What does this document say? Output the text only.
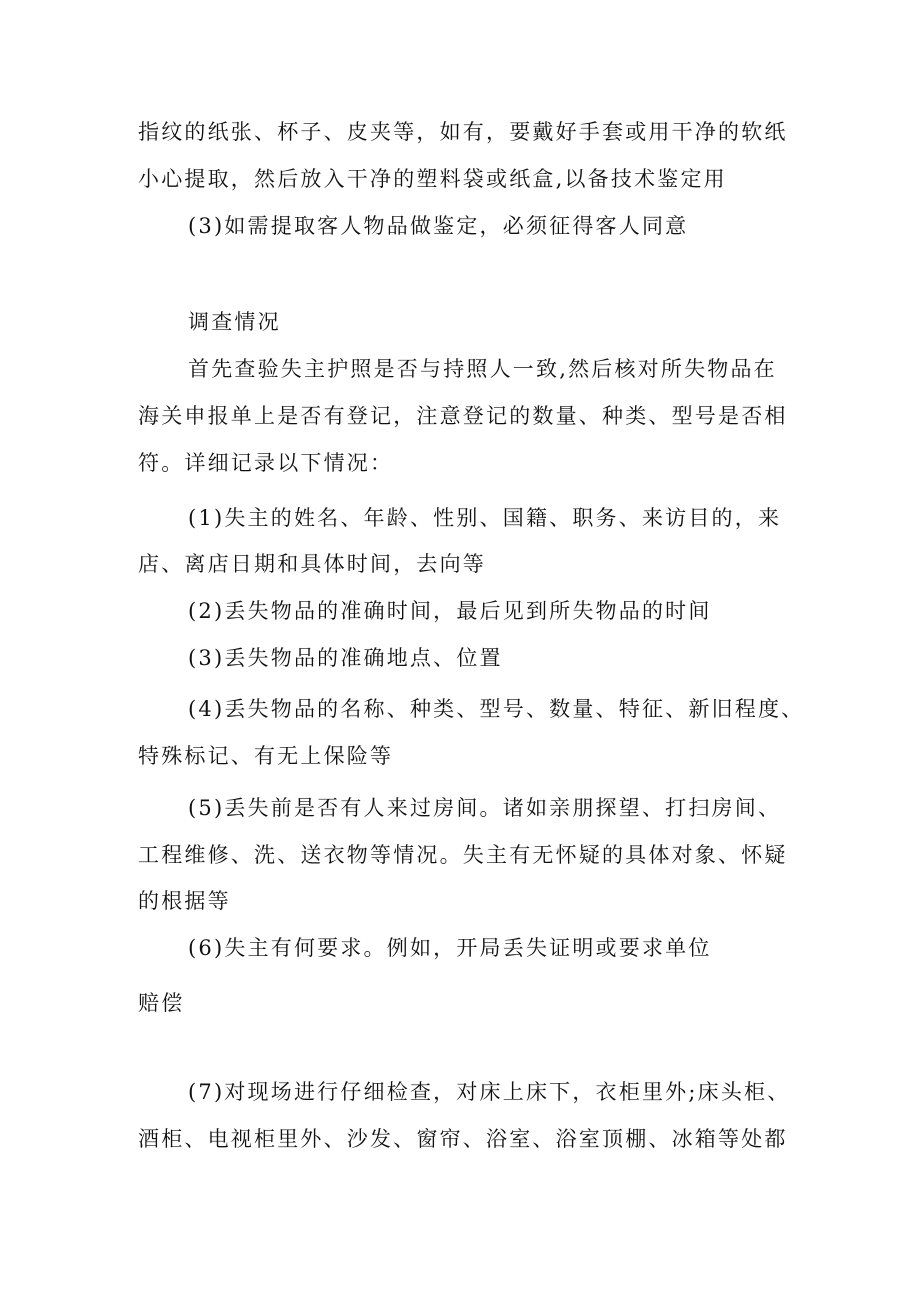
指纹的纸张、杯子、皮夹等，如有，要戴好手套或用干净的软纸

小心提取，然后放入干净的塑料袋或纸盒,以备技术鉴定用

(3)如需提取客人物品做鉴定，必须征得客人同意

调查情况

首先查验失主护照是否与持照人一致,然后核对所失物品在

海关申报单上是否有登记，注意登记的数量、种类、型号是否相

符。详细记录以下情况：

(1)失主的姓名、年龄、性别、国籍、职务、来访目的，来

店、离店日期和具体时间，去向等

(2)丢失物品的准确时间，最后见到所失物品的时间

(3)丢失物品的准确地点、位置

(4)丢失物品的名称、种类、型号、数量、特征、新旧程度、

特殊标记、有无上保险等

(5)丢失前是否有人来过房间。诸如亲朋探望、打扫房间、

工程维修、洗、送衣物等情况。失主有无怀疑的具体对象、怀疑

的根据等

(6)失主有何要求。例如，开局丢失证明或要求单位

赔偿

(7)对现场进行仔细检查，对床上床下，衣柜里外;床头柜、

酒柜、电视柜里外、沙发、窗帘、浴室、浴室顶棚、冰箱等处都
